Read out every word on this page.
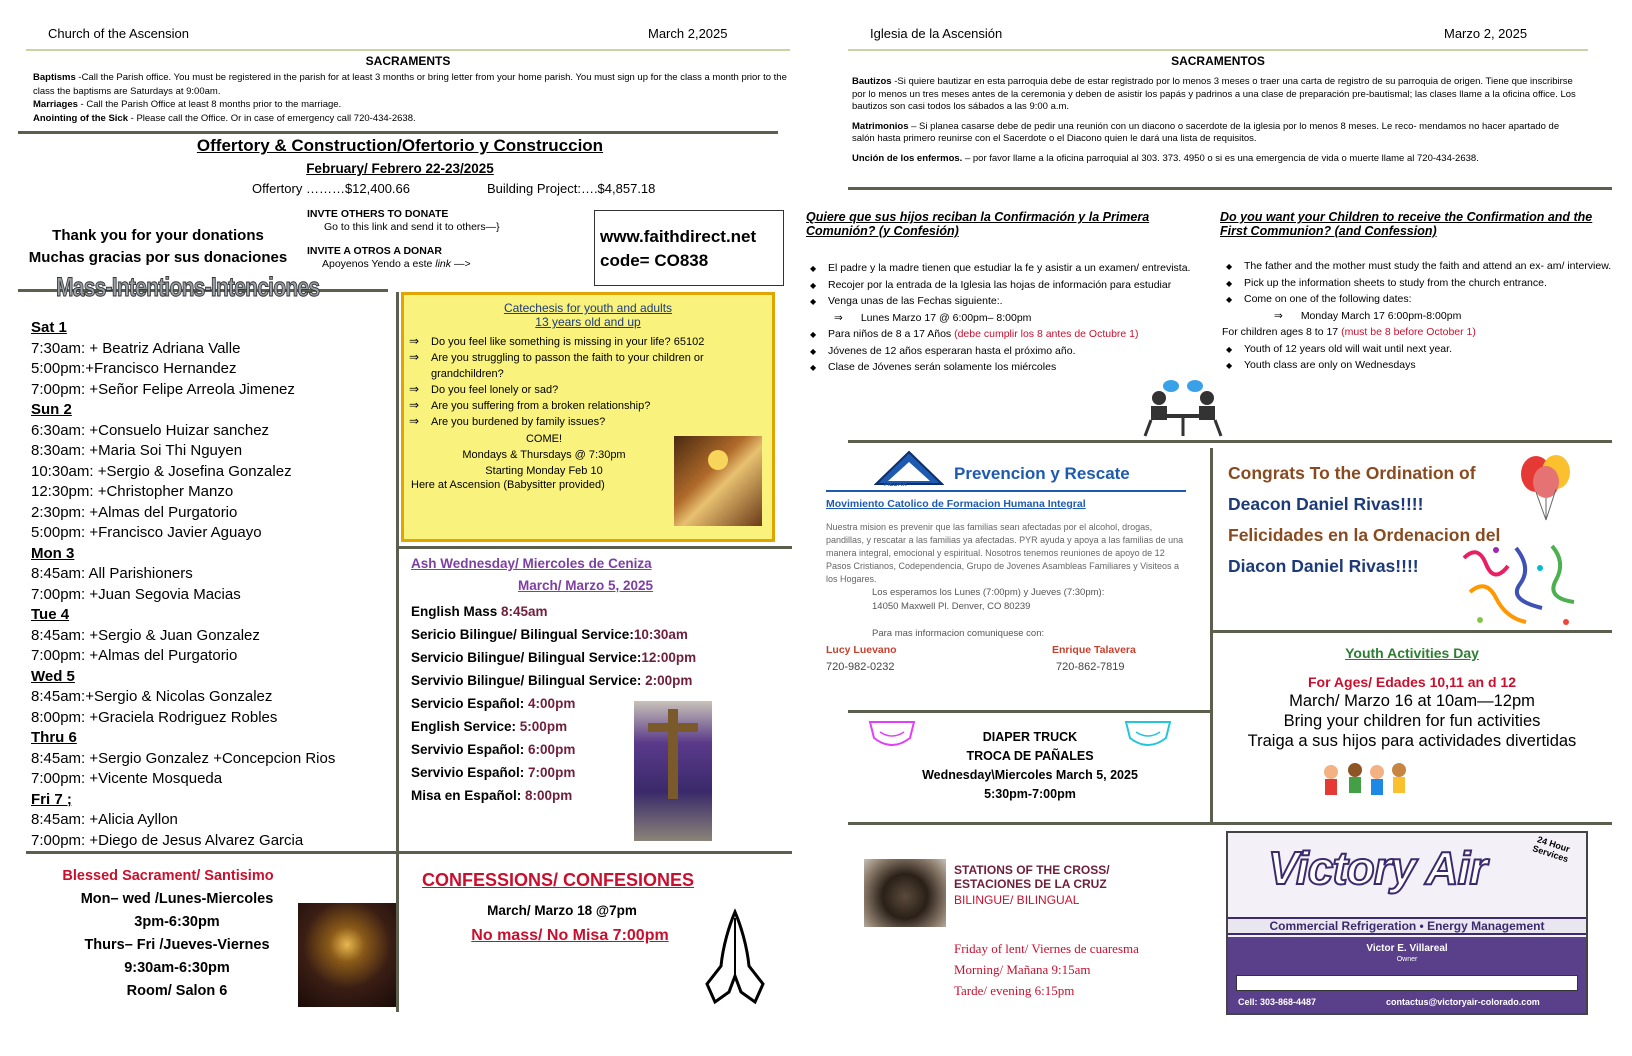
Church of the Ascension	March 2,2025
SACRAMENTS
Baptisms -Call the Parish office. You must be registered in the parish for at least 3 months or bring letter from your home parish. You must sign up for the class a month prior to the class the baptisms are Saturdays at 9:00am.
Marriages - Call the Parish Office at least 8 months prior to the marriage.
Anointing of the Sick - Please call the Office. Or in case of emergency call 720-434-2638.
Offertory & Construction/Ofertorio y Construccion
February/ Febrero 22-23/2025
Offertory ………$12,400.66	Building Project:….$4,857.18
Thank you for your donations
Muchas gracias por sus donaciones
INVTE OTHERS TO DONATE
Go to this link and send it to others—}
INVITE A OTROS A DONAR
Apoyenos Yendo a este link —>
www.faithdirect.net
code= CO838
Mass-Intentions-Intenciones
Sat 1
7:30am: + Beatriz Adriana Valle
5:00pm:+Francisco Hernandez
7:00pm: +Señor Felipe Arreola Jimenez
Sun 2
6:30am: +Consuelo Huizar sanchez
8:30am: +Maria Soi Thi Nguyen
10:30am: +Sergio & Josefina Gonzalez
12:30pm: +Christopher Manzo
2:30pm: +Almas del Purgatorio
5:00pm: +Francisco Javier Aguayo
Mon 3
8:45am: All Parishioners
7:00pm: +Juan Segovia Macias
Tue 4
8:45am: +Sergio & Juan Gonzalez
7:00pm: +Almas del Purgatorio
Wed 5
8:45am:+Sergio & Nicolas Gonzalez
8:00pm: +Graciela Rodriguez Robles
Thru 6
8:45am: +Sergio Gonzalez +Concepcion Rios
7:00pm: +Vicente Mosqueda
Fri 7 ;
8:45am: +Alicia Ayllon
7:00pm: +Diego de Jesus Alvarez Garcia
Catechesis for youth and adults
13 years old and up
⇒ Do you feel like something is missing in your life? 65102
⇒ Are you struggling to passon the faith to your children or grandchildren?
⇒ Do you feel lonely or sad?
⇒ Are you suffering from a broken relationship?
⇒ Are you burdened by family issues?
COME!
Mondays & Thursdays @ 7:30pm
Starting Monday Feb 10
Here at Ascension (Babysitter provided)
Ash Wednesday/ Miercoles de Ceniza
March/ Marzo 5, 2025
English Mass 8:45am
Sericio Bilingue/ Bilingual Service:10:30am
Servicio Bilingue/ Bilingual Service:12:00pm
Servivio Bilingue/ Bilingual Service: 2:00pm
Servicio Español: 4:00pm
English Service: 5:00pm
Servivio Español: 6:00pm
Servivio Español: 7:00pm
Misa en Español: 8:00pm
Blessed Sacrament/ Santisimo
Mon– wed /Lunes-Miercoles
3pm-6:30pm
Thurs– Fri /Jueves-Viernes
9:30am-6:30pm
Room/ Salon 6
CONFESSIONS/ CONFESIONES
March/ Marzo 18 @7pm
No mass/ No Misa 7:00pm
Iglesia de la Ascensión	Marzo 2, 2025
SACRAMENTOS
Bautizos -Si quiere bautizar en esta parroquia debe de estar registrado por lo menos 3 meses o traer una carta de registro de su parroquia de origen. Tiene que inscribirse por lo menos un tres meses antes de la ceremonia y deben de asistir los papás y padrinos a una clase de preparación pre-bautismal; las clases llame a la oficina office. Los bautizos son casi todos los sábados a las 9:00 a.m.
Matrimonios – Si planea casarse debe de pedir una reunión con un diacono o sacerdote de la iglesia por lo menos 8 meses. Le reco- mendamos no hacer apartado de salón hasta primero reunirse con el Sacerdote o el Diacono quien le dará una lista de requisitos.
Unción de los enfermos. – por favor llame a la oficina parroquial al 303. 373. 4950 o si es una emergencia de vida o muerte llame al 720-434-2638.
Quiere que sus hijos reciban la Confirmación y la Primera Comunión? (y Confesión)
◆ El padre y la madre tienen que estudiar la fe y asistir a un examen/ entrevista.
◆ Recojer por la entrada de la Iglesia las hojas de información para estudiar
◆ Venga unas de las Fechas siguiente:.
⇒ Lunes Marzo 17 @ 6:00pm– 8:00pm
◆ Para niños de 8 a 17 Años (debe cumplir los 8 antes de Octubre 1)
◆ Jóvenes de 12 años esperaran hasta el próximo año.
◆ Clase de Jóvenes serán solamente los miércoles
Do you want your Children to receive the Confirmation and the First Communion? (and Confession)
◆ The father and the mother must study the faith and attend an ex- am/ interview.
◆ Pick up the information sheets to study from the church entrance.
◆ Come on one of the following dates:
⇒ Monday March 17 6:00pm-8:00pm
For children ages 8 to 17 (must be 8 before October 1)
◆ Youth of 12 years old will wait until next year.
◆ Youth class are only on Wednesdays
PIEDAR
Prevencion y Rescate
Movimiento Catolico de Formacion Humana Integral
Nuestra mision es prevenir que las familias sean afectadas por el alcohol, drogas, pandillas, y rescatar a las familias ya afectadas. PYR ayuda y apoya a las familias de una manera integral, emocional y espiritual. Nosotros tenemos reuniones de apoyo de 12 Pasos Cristianos, Codependencia, Grupo de Jovenes Asambleas Familiares y Visiteos a los Hogares.
Los esperamos los Lunes (7:00pm) y Jueves (7:30pm):
14050 Maxwell Pl. Denver, CO 80239
Para mas informacion comuniquese con:
Lucy Luevano
720-982-0232
Enrique Talavera
720-862-7819
Congrats To the Ordination of
Deacon Daniel Rivas!!!!
Felicidades en la Ordenacion del
Diacon Daniel Rivas!!!!
Youth Activities Day
For Ages/ Edades 10,11 an d 12
March/ Marzo 16 at 10am—12pm
Bring your children for fun activities
Traiga a sus hijos para actividades divertidas
DIAPER TRUCK
TROCA DE PAÑALES
Wednesday\Miercoles March 5, 2025
5:30pm-7:00pm
STATIONS OF THE CROSS/
ESTACIONES DE LA CRUZ
BILINGUE/ BILINGUAL
Friday of lent/ Viernes de cuaresma
Morning/ Mañana 9:15am
Tarde/ evening 6:15pm
Victory Air	24 Hour Services
Commercial Refrigeration • Energy Management
Victor E. Villareal
Owner
Cell: 303-868-4487	contactus@victoryair-colorado.com
